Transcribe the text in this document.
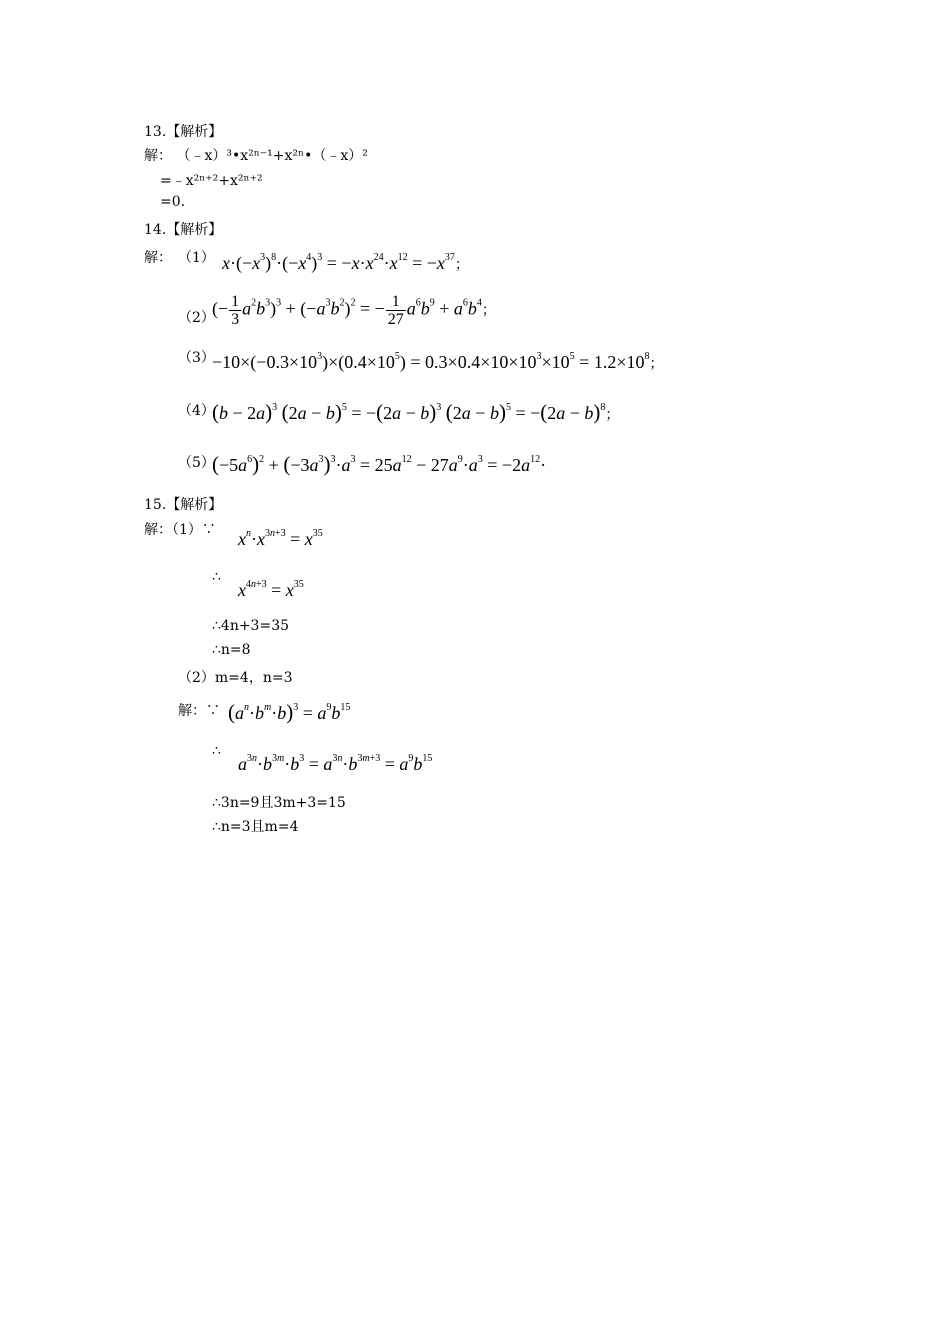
13.【解析】
解： （﹣x）³•x²ⁿ⁻¹+x²ⁿ•（﹣x）²
=﹣x²ⁿ⁺²+x²ⁿ⁺²
=0.
14.【解析】
解： （1） $x\cdot(-x^3)^8\cdot(-x^4)^3 = -x\cdot x^{24}\cdot x^{12} = -x^{37}$；
（2）
(− $\frac{1}{3} a^2b^3)^3 + (-a^3b^2)^2$ = − $\frac{1}{27} a^6b^9 + a^6b^4$；
（3）
$-10\times(-0.3\times 10^3)\times(0.4\times 10^5) = 0.3\times 0.4\times 10\times 10^3\times 10^5 = 1.2\times 10^8$；
（4）
$(b - 2a)^3$ $(2a - b)^5 = -(2a - b)^3$ $(2a - b)^5 = -(2a - b)^8$；
（5）
$(-5a^6)^2 + (-3a^3)^3\cdot a^3 = 25a^{12} - 27a^9\cdot a^3 = -2a^{12}\cdot$
15.【解析】
解：（1）∵ $x^n\cdot x^{3n+3} = x^{35}$
∴
$x^{4n+3} = x^{35}$
∴4n+3=35
∴n=8
（2）m=4，n=3
解：∵ $(a^n\cdot b^m\cdot b)^3 = a^9b^{15}$
∴
$a^{3n}\cdot b^{3m}\cdot b^3 = a^{3n}\cdot b^{3m+3} = a^9b^{15}$
∴3n=9且3m+3=15
∴n=3且m=4
